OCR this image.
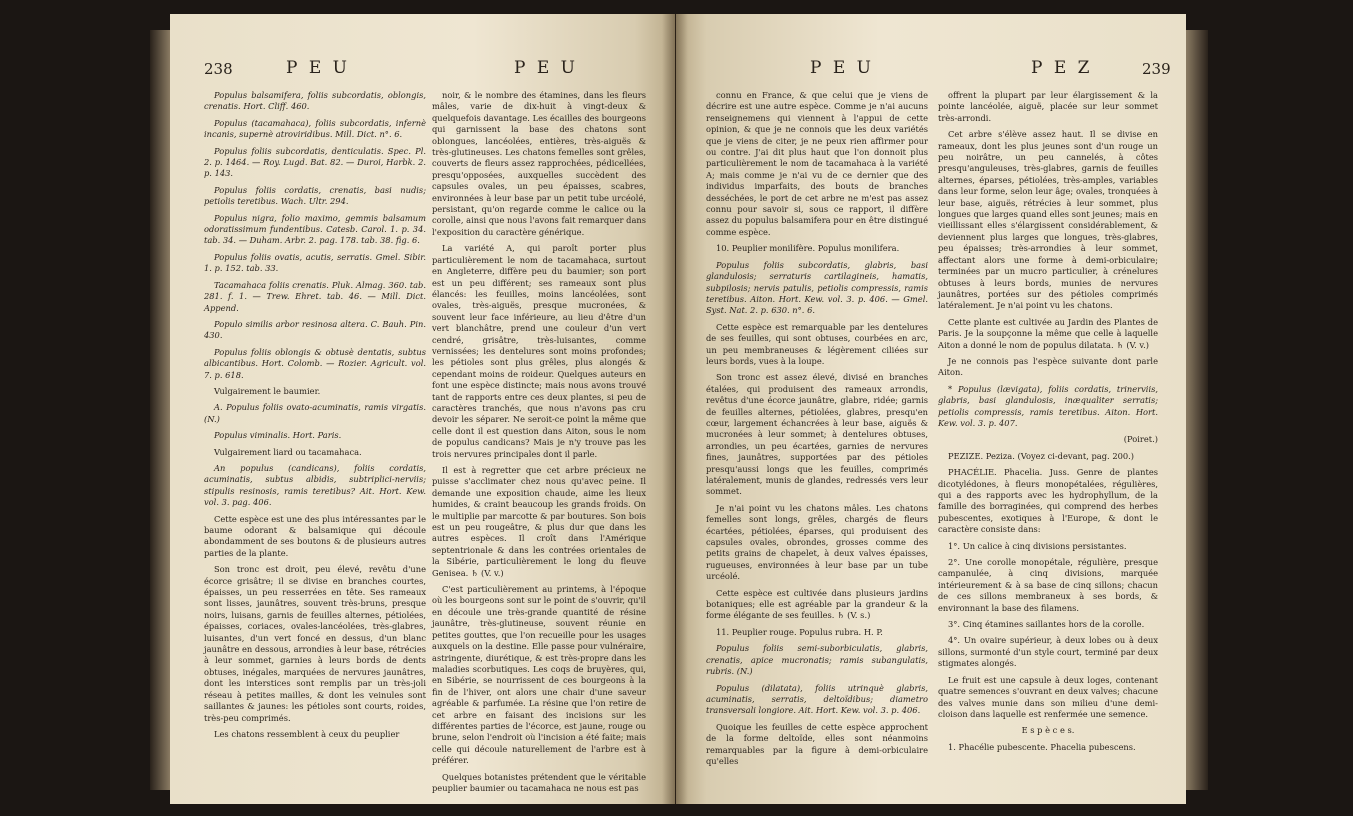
238	P E U	P E U

Populus balsamifera, foliis subcordatis, oblongis, crenatis. Hort. Cliff. 460.

Populus (tacamahaca), foliis subcordatis, infernè incanis, supernè atroviridibus. Mill. Dict. n°. 6.

Populus foliis subcordatis, denticulatis. Spec. Pl. 2. p. 1464. — Roy. Lugd. Bat. 82. — Duroi, Harbk. 2. p. 143.

Populus foliis cordatis, crenatis, basi nudis; petiolis teretibus. Wach. Ultr. 294.

Populus nigra, folio maximo, gemmis balsamum odoratissimum fundentibus. Catesb. Carol. 1. p. 34. tab. 34. — Duham. Arbr. 2. pag. 178. tab. 38. fig. 6.

Populus foliis ovatis, acutis, serratis. Gmel. Sibir. 1. p. 152. tab. 33.

Tacamahaca foliis crenatis. Pluk. Almag. 360. tab. 281. f. 1. — Trew. Ehret. tab. 46. — Mill. Dict. Append.

Populo similis arbor resinosa altera. C. Bauh. Pin. 430.

Populus foliis oblongis & obtusè dentatis, subtus albicantibus. Hort. Colomb. — Rozier. Agricult. vol. 7. p. 618.

Vulgairement le baumier.

A. Populus foliis ovato-acuminatis, ramis virgatis. (N.)

Populus viminalis. Hort. Paris.

Vulgairement liard ou tacamahaca.

An populus (candicans), foliis cordatis, acuminatis, subtus albidis, subtriplici-nerviis; stipulis resinosis, ramis teretibus? Ait. Hort. Kew. vol. 3. pag. 406.

Cette espèce est une des plus intéressantes par le baume odorant & balsamique qui découle abondamment de ses boutons & de plusieurs autres parties de la plante.

Son tronc est droit, peu élevé, revêtu d'une écorce grisâtre; il se divise en branches courtes, épaisses, un peu resserrées en tête. Ses rameaux sont lisses, jaunâtres, souvent très-bruns, presque noirs, luisans, garnis de feuilles alternes, pétiolées, épaisses, coriaces, ovales-lancéolées, très-glabres, luisantes, d'un vert foncé en dessus, d'un blanc jaunâtre en dessous, arrondies à leur base, rétrécies à leur sommet, garnies à leurs bords de dents obtuses, inégales, marquées de nervures jaunâtres, dont les interstices sont remplis par un très-joli réseau à petites mailles, & dont les veinules sont saillantes & jaunes: les pétioles sont courts, roides, très-peu comprimés.

Les chatons ressemblent à ceux du peuplier

noir, & le nombre des étamines, dans les fleurs mâles, varie de dix-huit à vingt-deux & quelquefois davantage. Les écailles des bourgeons qui garnissent la base des chatons sont oblongues, lancéolées, entières, très-aiguës & très-glutineuses. Les chatons femelles sont grêles, couverts de fleurs assez rapprochées, pédicellées, presqu'opposées, auxquelles succèdent des capsules ovales, un peu épaisses, scabres, environnées à leur base par un petit tube urcéolé, persistant, qu'on regarde comme le calice ou la corolle, ainsi que nous l'avons fait remarquer dans l'exposition du caractère générique.

La variété A, qui paroît porter plus particulièrement le nom de tacamahaca, surtout en Angleterre, diffère peu du baumier; son port est un peu différent; ses rameaux sont plus élancés: les feuilles, moins lancéolées, sont ovales, très-aiguës, presque mucronées, & souvent leur face inférieure, au lieu d'être d'un vert blanchâtre, prend une couleur d'un vert cendré, grisâtre, très-luisantes, comme vernissées; les dentelures sont moins profondes; les pétioles sont plus grêles, plus alongés & cependant moins de roideur. Quelques auteurs en font une espèce distincte; mais nous avons trouvé tant de rapports entre ces deux plantes, si peu de caractères tranchés, que nous n'avons pas cru devoir les séparer. Ne seroit-ce point la même que celle dont il est question dans Aiton, sous le nom de populus candicans? Mais je n'y trouve pas les trois nervures principales dont il parle.

Il est à regretter que cet arbre précieux ne puisse s'acclimater chez nous qu'avec peine. Il demande une exposition chaude, aime les lieux humides, & craint beaucoup les grands froids. On le multiplie par marcotte & par boutures. Son bois est un peu rougeâtre, & plus dur que dans les autres espèces. Il croît dans l'Amérique septentrionale & dans les contrées orientales de la Sibérie, particulièrement le long du fleuve Genisea. ♄ (V. v.)

C'est particulièrement au printems, à l'époque où les bourgeons sont sur le point de s'ouvrir, qu'il en découle une très-grande quantité de résine jaunâtre, très-glutineuse, souvent réunie en petites gouttes, que l'on recueille pour les usages auxquels on la destine. Elle passe pour vulnéraire, astringente, diurétique, & est très-propre dans les maladies scorbutiques. Les coqs de bruyères, qui, en Sibérie, se nourrissent de ces bourgeons à la fin de l'hiver, ont alors une chair d'une saveur agréable & parfumée. La résine que l'on retire de cet arbre en faisant des incisions sur les différentes parties de l'écorce, est jaune, rouge ou brune, selon l'endroit où l'incision a été faite; mais celle qui découle naturellement de l'arbre est à préférer.

Quelques botanistes prétendent que le véritable peuplier baumier ou tacamahaca ne nous est pas

P E U	P E Z	239

connu en France, & que celui que je viens de décrire est une autre espèce. Comme je n'ai aucuns renseignemens qui viennent à l'appui de cette opinion, & que je ne connois que les deux variétés que je viens de citer, je ne peux rien affirmer pour ou contre. J'ai dit plus haut que l'on donnoit plus particulièrement le nom de tacamahaca à la variété A; mais comme je n'ai vu de ce dernier que des individus imparfaits, des bouts de branches desséchées, le port de cet arbre ne m'est pas assez connu pour savoir si, sous ce rapport, il diffère assez du populus balsamifera pour en être distingué comme espèce.

10. Peuplier monilifère. Populus monilifera.

Populus foliis subcordatis, glabris, basi glandulosis; serraturis cartilagineis, hamatis, subpilosis; nervis patulis, petiolis compressis, ramis teretibus. Aiton. Hort. Kew. vol. 3. p. 406. — Gmel. Syst. Nat. 2. p. 630. n°. 6.

Cette espèce est remarquable par les dentelures de ses feuilles, qui sont obtuses, courbées en arc, un peu membraneuses & légèrement ciliées sur leurs bords, vues à la loupe.

Son tronc est assez élevé, divisé en branches étalées, qui produisent des rameaux arrondis, revêtus d'une écorce jaunâtre, glabre, ridée; garnis de feuilles alternes, pétiolées, glabres, presqu'en cœur, largement échancrées à leur base, aiguës & mucronées à leur sommet; à dentelures obtuses, arrondies, un peu écartées, garnies de nervures fines, jaunâtres, supportées par des pétioles presqu'aussi longs que les feuilles, comprimés latéralement, munis de glandes, redressés vers leur sommet.

Je n'ai point vu les chatons mâles. Les chatons femelles sont longs, grêles, chargés de fleurs écartées, pétiolées, éparses, qui produisent des capsules ovales, obrondes, grosses comme des petits grains de chapelet, à deux valves épaisses, rugueuses, environnées à leur base par un tube urcéolé.

Cette espèce est cultivée dans plusieurs jardins botaniques; elle est agréable par la grandeur & la forme élégante de ses feuilles. ♄ (V. s.)

11. Peuplier rouge. Populus rubra. H. P.

Populus foliis semi-suborbiculatis, glabris, crenatis, apice mucronatis; ramis subangulatis, rubris. (N.)

Populus (dilatata), foliis utrinquè glabris, acuminatis, serratis, deltoïdibus; diametro transversali longiore. Ait. Hort. Kew. vol. 3. p. 406.

Quoique les feuilles de cette espèce approchent de la forme deltoïde, elles sont néanmoins remarquables par la figure à demi-orbiculaire qu'elles

offrent la plupart par leur élargissement & la pointe lancéolée, aiguë, placée sur leur sommet très-arrondi.

Cet arbre s'élève assez haut. Il se divise en rameaux, dont les plus jeunes sont d'un rouge un peu noirâtre, un peu cannelés, à côtes presqu'anguleuses, très-glabres, garnis de feuilles alternes, éparses, pétiolées, très-amples, variables dans leur forme, selon leur âge; ovales, tronquées à leur base, aiguës, rétrécies à leur sommet, plus longues que larges quand elles sont jeunes; mais en vieillissant elles s'élargissent considérablement, & deviennent plus larges que longues, très-glabres, peu épaisses; très-arrondies à leur sommet, affectant alors une forme à demi-orbiculaire; terminées par un mucro particulier, à crénelures obtuses à leurs bords, munies de nervures jaunâtres, portées sur des pétioles comprimés latéralement. Je n'ai point vu les chatons.

Cette plante est cultivée au Jardin des Plantes de Paris. Je la soupçonne la même que celle à laquelle Aiton a donné le nom de populus dilatata. ♄ (V. v.)

Je ne connois pas l'espèce suivante dont parle Aiton.

* Populus (lævigata), foliis cordatis, trinerviis, glabris, basi glandulosis, inæqualiter serratis; petiolis compressis, ramis teretibus. Aiton. Hort. Kew. vol. 3. p. 407.

(Poiret.)

PEZIZE. Peziza. (Voyez ci-devant, pag. 200.)

PHACÉLIE. Phacelia. Juss. Genre de plantes dicotylédones, à fleurs monopétalées, régulières, qui a des rapports avec les hydrophyllum, de la famille des borraginées, qui comprend des herbes pubescentes, exotiques à l'Europe, & dont le caractère consiste dans:

1°. Un calice à cinq divisions persistantes.

2°. Une corolle monopétale, régulière, presque campanulée, à cinq divisions, marquée intérieurement & à sa base de cinq sillons; chacun de ces sillons membraneux à ses bords, & environnant la base des filamens.

3°. Cinq étamines saillantes hors de la corolle.

4°. Un ovaire supérieur, à deux lobes ou à deux sillons, surmonté d'un style court, terminé par deux stigmates alongés.

Le fruit est une capsule à deux loges, contenant quatre semences s'ouvrant en deux valves; chacune des valves munie dans son milieu d'une demi-cloison dans laquelle est renfermée une semence.

E s p è c e s.

1. Phacélie pubescente. Phacelia pubescens.
